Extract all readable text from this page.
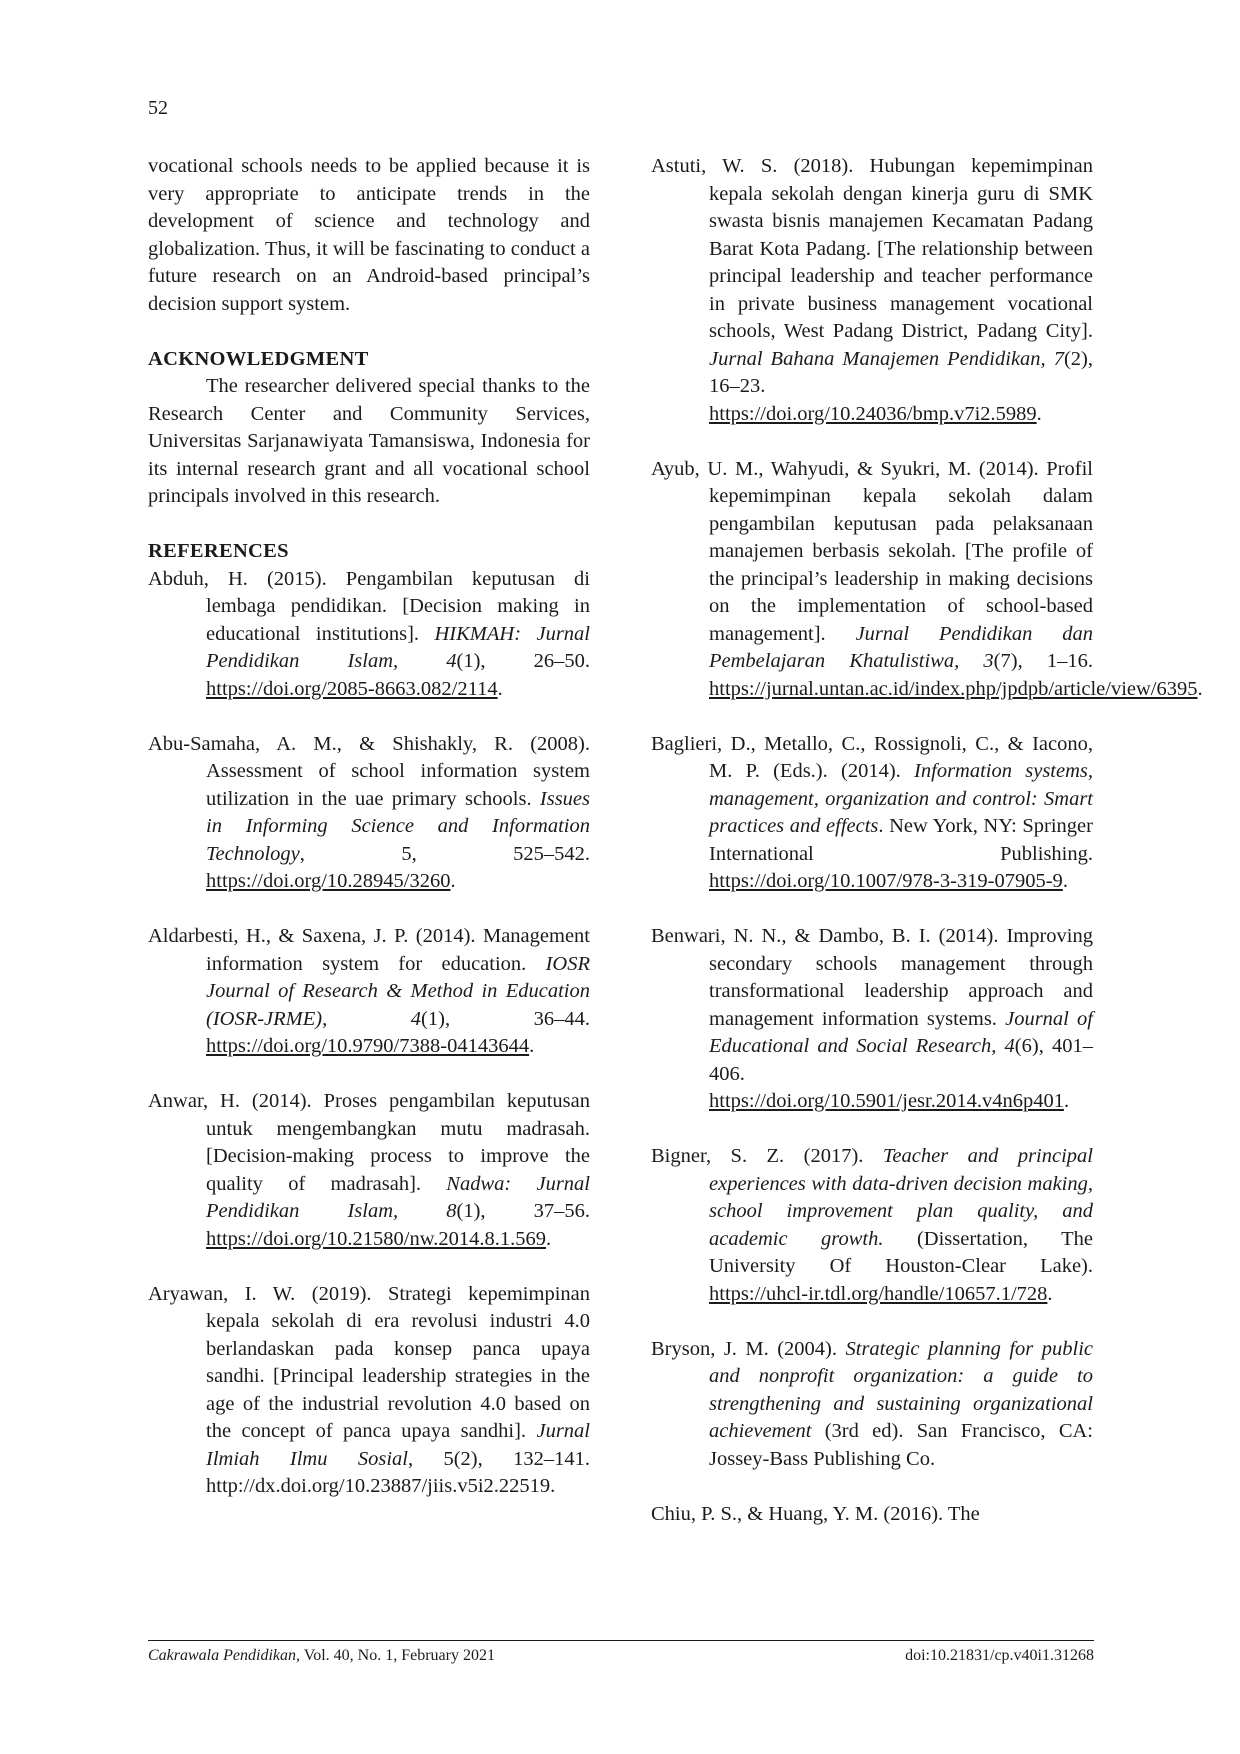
52

vocational schools needs to be applied because it is very appropriate to anticipate trends in the development of science and technology and globalization. Thus, it will be fascinating to conduct a future research on an Android-based principal’s decision support system.

ACKNOWLEDGMENT

The researcher delivered special thanks to the Research Center and Community Services, Universitas Sarjanawiyata Tamansiswa, Indonesia for its internal research grant and all vocational school principals involved in this research.

REFERENCES

Abduh, H. (2015). Pengambilan keputusan di lembaga pendidikan. [Decision making in educational institutions]. HIKMAH: Jurnal Pendidikan Islam, 4(1), 26–50. https://doi.org/2085-8663.082/2114.

Abu-Samaha, A. M., & Shishakly, R. (2008). Assessment of school information system utilization in the uae primary schools. Issues in Informing Science and Information Technology, 5, 525–542. https://doi.org/10.28945/3260.

Aldarbesti, H., & Saxena, J. P. (2014). Management information system for education. IOSR Journal of Research & Method in Education (IOSR-JRME), 4(1), 36–44. https://doi.org/10.9790/7388-04143644.

Anwar, H. (2014). Proses pengambilan keputusan untuk mengembangkan mutu madrasah. [Decision-making process to improve the quality of madrasah]. Nadwa: Jurnal Pendidikan Islam, 8(1), 37–56. https://doi.org/10.21580/nw.2014.8.1.569.

Aryawan, I. W. (2019). Strategi kepemimpinan kepala sekolah di era revolusi industri 4.0 berlandaskan pada konsep panca upaya sandhi. [Principal leadership strategies in the age of the industrial revolution 4.0 based on the concept of panca upaya sandhi]. Jurnal Ilmiah Ilmu Sosial, 5(2), 132–141. http://dx.doi.org/10.23887/jiis.v5i2.22519.

Astuti, W. S. (2018). Hubungan kepemimpinan kepala sekolah dengan kinerja guru di SMK swasta bisnis manajemen Kecamatan Padang Barat Kota Padang. [The relationship between principal leadership and teacher performance in private business management vocational schools, West Padang District, Padang City]. Jurnal Bahana Manajemen Pendidikan, 7(2), 16–23. https://doi.org/10.24036/bmp.v7i2.5989.

Ayub, U. M., Wahyudi, & Syukri, M. (2014). Profil kepemimpinan kepala sekolah dalam pengambilan keputusan pada pelaksanaan manajemen berbasis sekolah. [The profile of the principal’s leadership in making decisions on the implementation of school-based management]. Jurnal Pendidikan dan Pembelajaran Khatulistiwa, 3(7), 1–16. https://jurnal.untan.ac.id/index.php/jpdpb/article/view/6395.

Baglieri, D., Metallo, C., Rossignoli, C., & Iacono, M. P. (Eds.). (2014). Information systems, management, organization and control: Smart practices and effects. New York, NY: Springer International Publishing. https://doi.org/10.1007/978-3-319-07905-9.

Benwari, N. N., & Dambo, B. I. (2014). Improving secondary schools management through transformational leadership approach and management information systems. Journal of Educational and Social Research, 4(6), 401–406. https://doi.org/10.5901/jesr.2014.v4n6p401.

Bigner, S. Z. (2017). Teacher and principal experiences with data-driven decision making, school improvement plan quality, and academic growth. (Dissertation, The University Of Houston-Clear Lake). https://uhcl-ir.tdl.org/handle/10657.1/728.

Bryson, J. M. (2004). Strategic planning for public and nonprofit organization: a guide to strengthening and sustaining organizational achievement (3rd ed). San Francisco, CA: Jossey-Bass Publishing Co.

Chiu, P. S., & Huang, Y. M. (2016). The

Cakrawala Pendidikan, Vol. 40, No. 1, February 2021	doi:10.21831/cp.v40i1.31268
